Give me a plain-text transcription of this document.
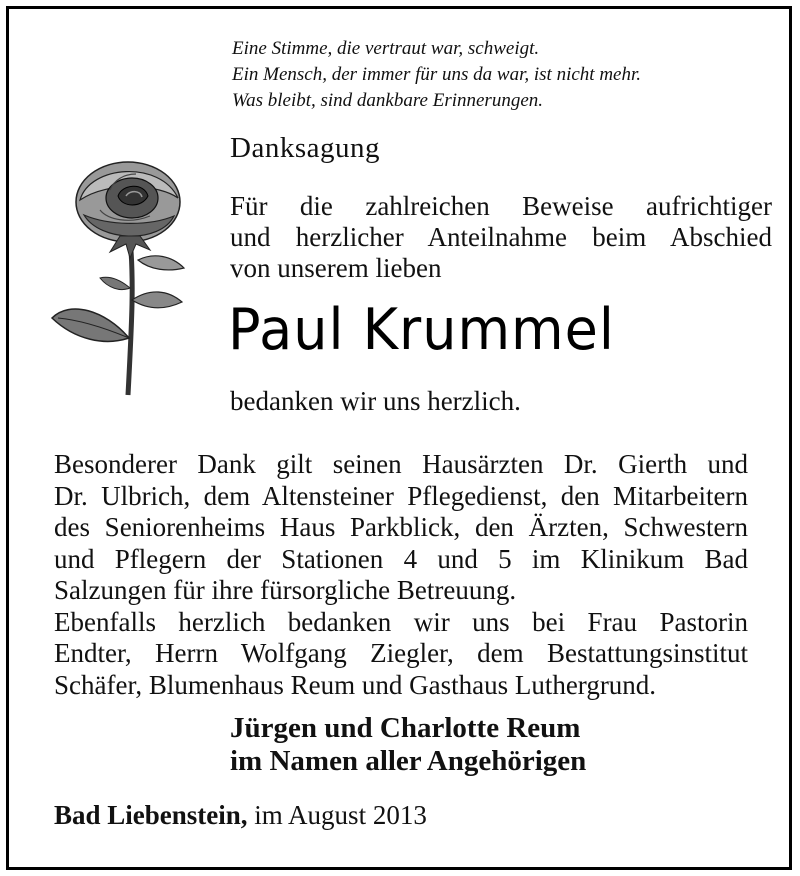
Eine Stimme, die vertraut war, schweigt.
Ein Mensch, der immer für uns da war, ist nicht mehr.
Was bleibt, sind dankbare Erinnerungen.
Danksagung
Für die zahlreichen Beweise aufrichtiger
und herzlicher Anteilnahme beim Abschied
von unserem lieben
Paul Krummel
bedanken wir uns herzlich.
Besonderer Dank gilt seinen Hausärzten Dr. Gierth und
Dr. Ulbrich, dem Altensteiner Pflegedienst, den Mitarbeitern
des Seniorenheims Haus Parkblick, den Ärzten, Schwestern
und Pflegern der Stationen 4 und 5 im Klinikum Bad
Salzungen für ihre fürsorgliche Betreuung.
Ebenfalls herzlich bedanken wir uns bei Frau Pastorin
Endter, Herrn Wolfgang Ziegler, dem Bestattungsinstitut
Schäfer, Blumenhaus Reum und Gasthaus Luthergrund.
Jürgen und Charlotte Reum
im Namen aller Angehörigen
Bad Liebenstein, im August 2013
